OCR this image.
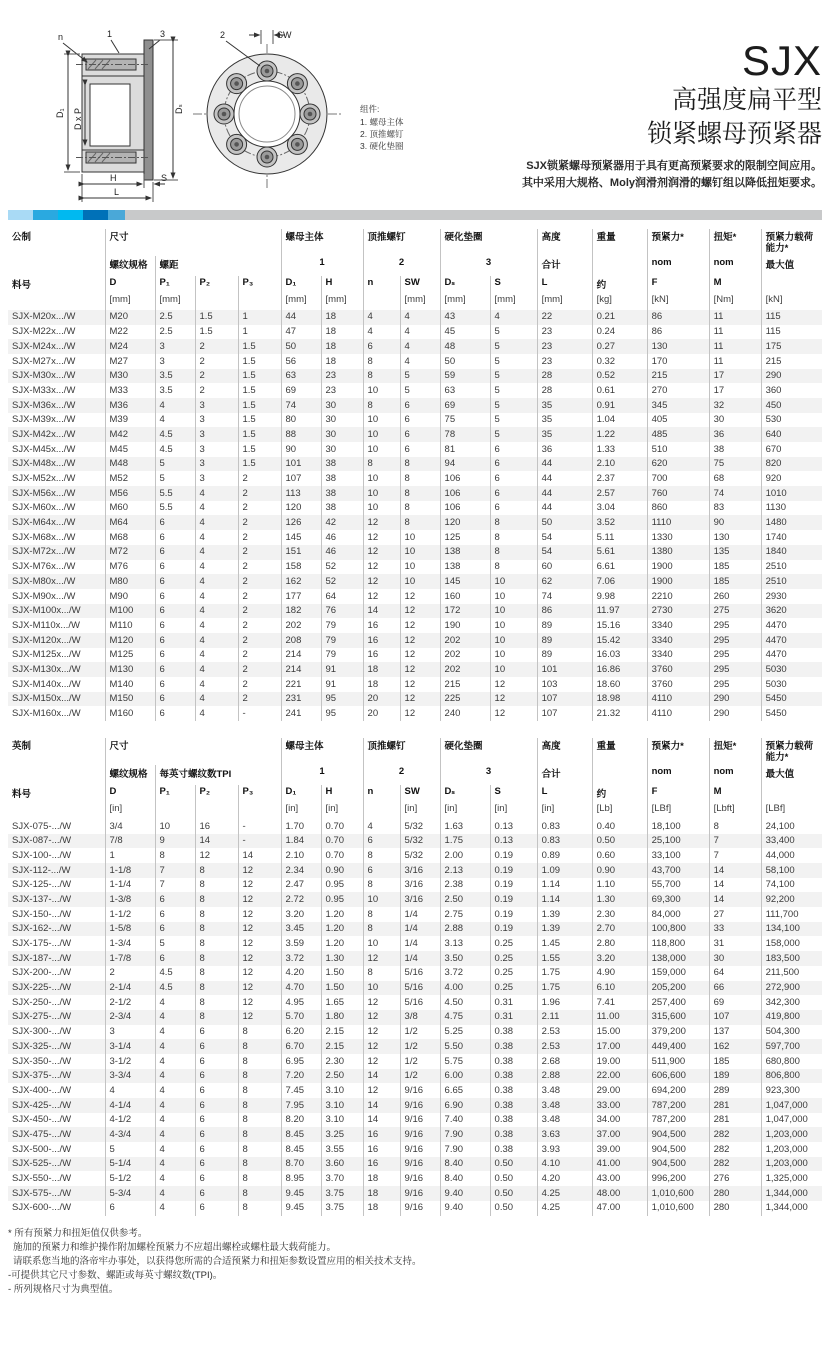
n	1	3
D₁ D x P	Dₛ
H	S
L
SW
2
组件:
1. 螺母主体
2. 顶推螺钉
3. 硬化垫圈
SJX
高强度扁平型
锁紧螺母预紧器
SJX锁紧螺母预紧器用于具有更高预紧要求的限制空间应用。
其中采用大规格、Moly润滑剂润滑的螺钉组以降低扭矩要求。
公制	尺寸				螺母主体		顶推螺钉		硬化垫圈		高度	重量	预紧力*	扭矩*	预紧力载荷能力*
	螺纹规格	螺距			1		2		3		合计		nom	nom	最大值
料号	D	P₁	P₂	P₃	D₁	H	n	SW	Dₛ	S	L	约	F	M	
	[mm]	[mm]			[mm]	[mm]		[mm]	[mm]	[mm]	[mm]	[kg]	[kN]	[Nm]	[kN]
SJX-M20x.../W	M20	2.5	1.5	1	44	18	4	4	43	4	22	0.21	86	11	115
SJX-M22x.../W	M22	2.5	1.5	1	47	18	4	4	45	5	23	0.24	86	11	115
SJX-M24x.../W	M24	3	2	1.5	50	18	6	4	48	5	23	0.27	130	11	175
SJX-M27x.../W	M27	3	2	1.5	56	18	8	4	50	5	23	0.32	170	11	215
SJX-M30x.../W	M30	3.5	2	1.5	63	23	8	5	59	5	28	0.52	215	17	290
SJX-M33x.../W	M33	3.5	2	1.5	69	23	10	5	63	5	28	0.61	270	17	360
SJX-M36x.../W	M36	4	3	1.5	74	30	8	6	69	5	35	0.91	345	32	450
SJX-M39x.../W	M39	4	3	1.5	80	30	10	6	75	5	35	1.04	405	30	530
SJX-M42x.../W	M42	4.5	3	1.5	88	30	10	6	78	5	35	1.22	485	36	640
SJX-M45x.../W	M45	4.5	3	1.5	90	30	10	6	81	6	36	1.33	510	38	670
SJX-M48x.../W	M48	5	3	1.5	101	38	8	8	94	6	44	2.10	620	75	820
SJX-M52x.../W	M52	5	3	2	107	38	10	8	106	6	44	2.37	700	68	920
SJX-M56x.../W	M56	5.5	4	2	113	38	10	8	106	6	44	2.57	760	74	1010
SJX-M60x.../W	M60	5.5	4	2	120	38	10	8	106	6	44	3.04	860	83	1130
SJX-M64x.../W	M64	6	4	2	126	42	12	8	120	8	50	3.52	1110	90	1480
SJX-M68x.../W	M68	6	4	2	145	46	12	10	125	8	54	5.11	1330	130	1740
SJX-M72x.../W	M72	6	4	2	151	46	12	10	138	8	54	5.61	1380	135	1840
SJX-M76x.../W	M76	6	4	2	158	52	12	10	138	8	60	6.61	1900	185	2510
SJX-M80x.../W	M80	6	4	2	162	52	12	10	145	10	62	7.06	1900	185	2510
SJX-M90x.../W	M90	6	4	2	177	64	12	12	160	10	74	9.98	2210	260	2930
SJX-M100x.../W	M100	6	4	2	182	76	14	12	172	10	86	11.97	2730	275	3620
SJX-M110x.../W	M110	6	4	2	202	79	16	12	190	10	89	15.16	3340	295	4470
SJX-M120x.../W	M120	6	4	2	208	79	16	12	202	10	89	15.42	3340	295	4470
SJX-M125x.../W	M125	6	4	2	214	79	16	12	202	10	89	16.03	3340	295	4470
SJX-M130x.../W	M130	6	4	2	214	91	18	12	202	10	101	16.86	3760	295	5030
SJX-M140x.../W	M140	6	4	2	221	91	18	12	215	12	103	18.60	3760	295	5030
SJX-M150x.../W	M150	6	4	2	231	95	20	12	225	12	107	18.98	4110	290	5450
SJX-M160x.../W	M160	6	4	-	241	95	20	12	240	12	107	21.32	4110	290	5450
英制	尺寸				螺母主体		顶推螺钉		硬化垫圈		高度	重量	预紧力*	扭矩*	预紧力载荷能力*
	螺纹规格	每英寸螺纹数TPI			1		2		3		合计		nom	nom	最大值
料号	D	P₁	P₂	P₃	D₁	H	n	SW	Dₛ	S	L	约	F	M	
	[in]				[in]	[in]		[in]	[in]	[in]	[in]	[Lb]	[LBf]	[Lbft]	[LBf]
SJX-075-.../W	3/4	10	16	-	1.70	0.70	4	5/32	1.63	0.13	0.83	0.40	18,100	8	24,100
SJX-087-.../W	7/8	9	14	-	1.84	0.70	6	5/32	1.75	0.13	0.83	0.50	25,100	7	33,400
SJX-100-.../W	1	8	12	14	2.10	0.70	8	5/32	2.00	0.19	0.89	0.60	33,100	7	44,000
SJX-112-.../W	1-1/8	7	8	12	2.34	0.90	6	3/16	2.13	0.19	1.09	0.90	43,700	14	58,100
SJX-125-.../W	1-1/4	7	8	12	2.47	0.95	8	3/16	2.38	0.19	1.14	1.10	55,700	14	74,100
SJX-137-.../W	1-3/8	6	8	12	2.72	0.95	10	3/16	2.50	0.19	1.14	1.30	69,300	14	92,200
SJX-150-.../W	1-1/2	6	8	12	3.20	1.20	8	1/4	2.75	0.19	1.39	2.30	84,000	27	111,700
SJX-162-.../W	1-5/8	6	8	12	3.45	1.20	8	1/4	2.88	0.19	1.39	2.70	100,800	33	134,100
SJX-175-.../W	1-3/4	5	8	12	3.59	1.20	10	1/4	3.13	0.25	1.45	2.80	118,800	31	158,000
SJX-187-.../W	1-7/8	6	8	12	3.72	1.30	12	1/4	3.50	0.25	1.55	3.20	138,000	30	183,500
SJX-200-.../W	2	4.5	8	12	4.20	1.50	8	5/16	3.72	0.25	1.75	4.90	159,000	64	211,500
SJX-225-.../W	2-1/4	4.5	8	12	4.70	1.50	10	5/16	4.00	0.25	1.75	6.10	205,200	66	272,900
SJX-250-.../W	2-1/2	4	8	12	4.95	1.65	12	5/16	4.50	0.31	1.96	7.41	257,400	69	342,300
SJX-275-.../W	2-3/4	4	8	12	5.70	1.80	12	3/8	4.75	0.31	2.11	11.00	315,600	107	419,800
SJX-300-.../W	3	4	6	8	6.20	2.15	12	1/2	5.25	0.38	2.53	15.00	379,200	137	504,300
SJX-325-.../W	3-1/4	4	6	8	6.70	2.15	12	1/2	5.50	0.38	2.53	17.00	449,400	162	597,700
SJX-350-.../W	3-1/2	4	6	8	6.95	2.30	12	1/2	5.75	0.38	2.68	19.00	511,900	185	680,800
SJX-375-.../W	3-3/4	4	6	8	7.20	2.50	14	1/2	6.00	0.38	2.88	22.00	606,600	189	806,800
SJX-400-.../W	4	4	6	8	7.45	3.10	12	9/16	6.65	0.38	3.48	29.00	694,200	289	923,300
SJX-425-.../W	4-1/4	4	6	8	7.95	3.10	14	9/16	6.90	0.38	3.48	33.00	787,200	281	1,047,000
SJX-450-.../W	4-1/2	4	6	8	8.20	3.10	14	9/16	7.40	0.38	3.48	34.00	787,200	281	1,047,000
SJX-475-.../W	4-3/4	4	6	8	8.45	3.25	16	9/16	7.90	0.38	3.63	37.00	904,500	282	1,203,000
SJX-500-.../W	5	4	6	8	8.45	3.55	16	9/16	7.90	0.38	3.93	39.00	904,500	282	1,203,000
SJX-525-.../W	5-1/4	4	6	8	8.70	3.60	16	9/16	8.40	0.50	4.10	41.00	904,500	282	1,203,000
SJX-550-.../W	5-1/2	4	6	8	8.95	3.70	18	9/16	8.40	0.50	4.20	43.00	996,200	276	1,325,000
SJX-575-.../W	5-3/4	4	6	8	9.45	3.75	18	9/16	9.40	0.50	4.25	48.00	1,010,600	280	1,344,000
SJX-600-.../W	6	4	6	8	9.45	3.75	18	9/16	9.40	0.50	4.25	47.00	1,010,600	280	1,344,000
* 所有预紧力和扭矩值仅供参考。
施加的预紧力和维护操作附加螺栓预紧力不应超出螺栓或螺柱最大载荷能力。
请联系您当地的洛帝牢办事处，以获得您所需的合适预紧力和扭矩参数设置应用的相关技术支持。
-可提供其它尺寸参数、螺距或每英寸螺纹数(TPI)。
- 所列规格尺寸为典型值。
